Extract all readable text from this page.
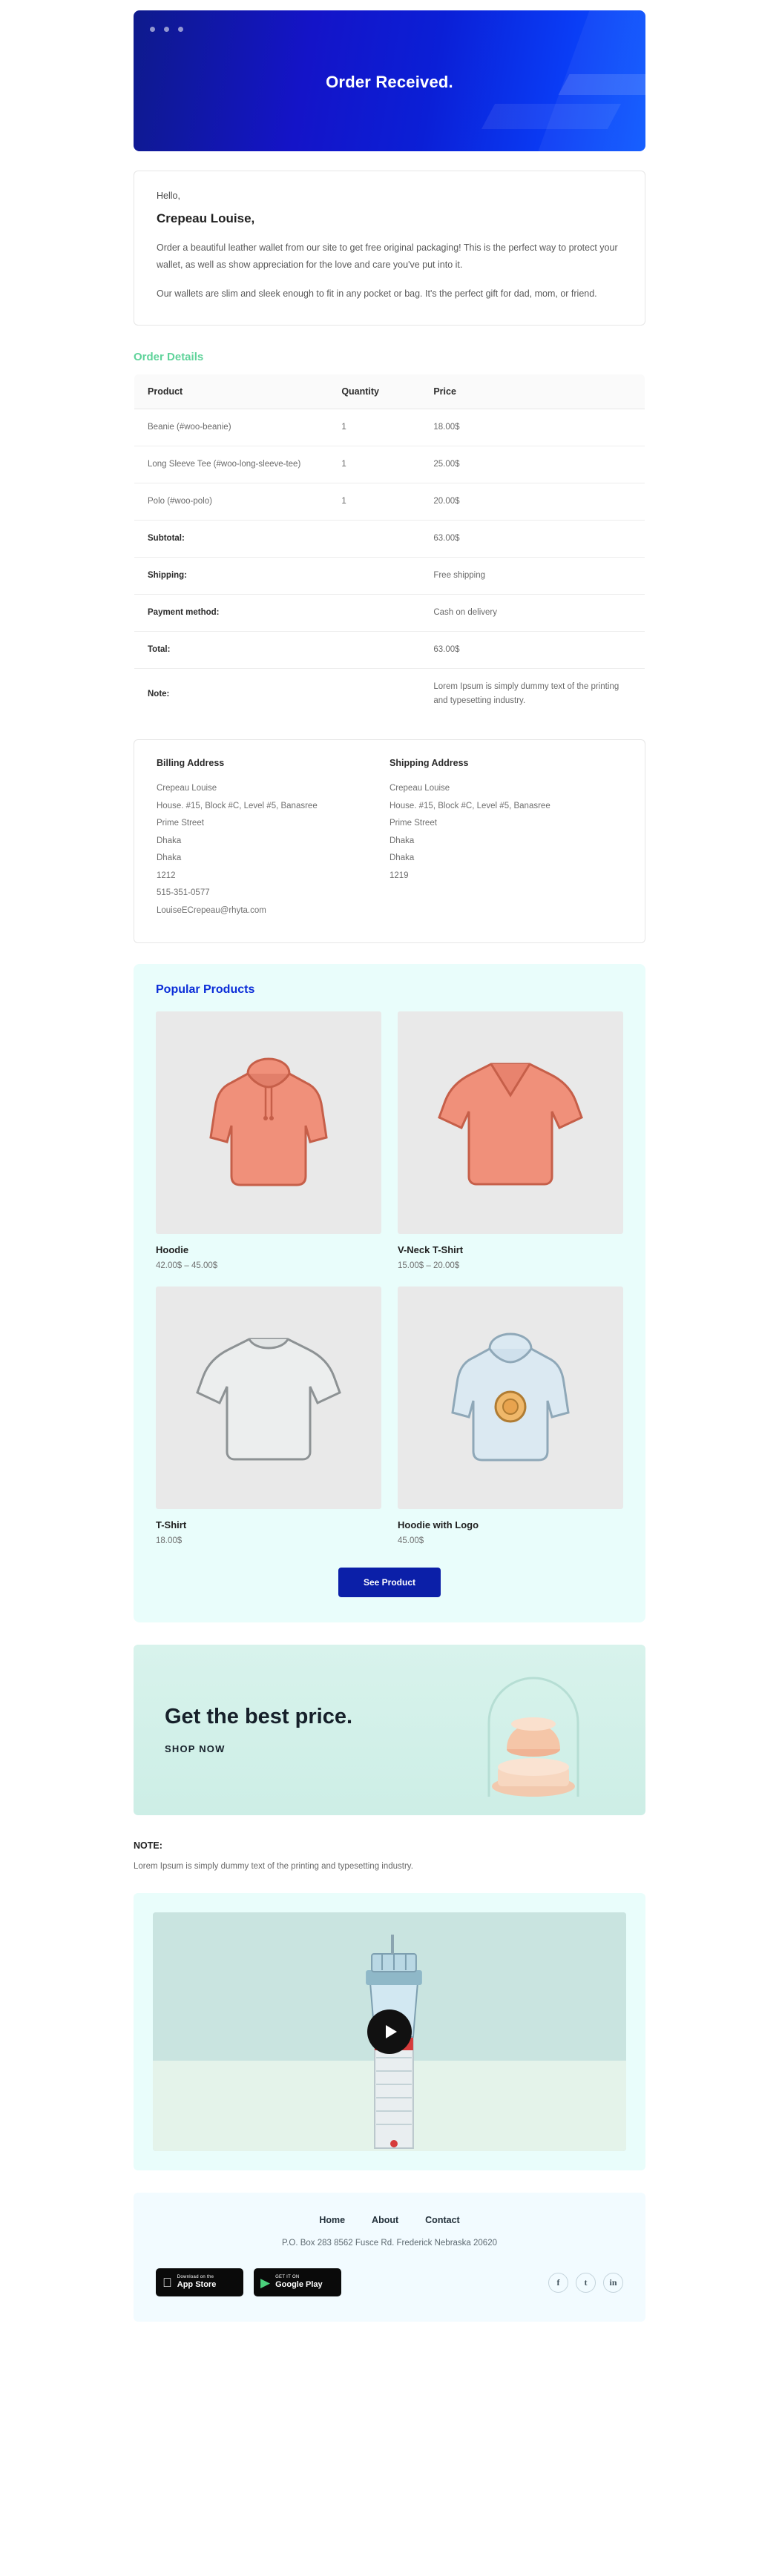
Order Received.
Hello,
Crepeau Louise,

Order a beautiful leather wallet from our site to get free original packaging! This is the perfect way to protect your wallet, as well as show appreciation for the love and care you've put into it.

Our wallets are slim and sleek enough to fit in any pocket or bag. It's the perfect gift for dad, mom, or friend.

Order Details
Product	Quantity	Price
Beanie (#woo-beanie)	1	18.00$
Long Sleeve Tee (#woo-long-sleeve-tee)	1	25.00$
Polo (#woo-polo)	1	20.00$
Subtotal:		63.00$
Shipping:		Free shipping
Payment method:		Cash on delivery
Total:		63.00$
Note:		Lorem Ipsum is simply dummy text of the printing and typesetting industry.
Billing Address
Crepeau Louise
House. #15, Block #C, Level #5, Banasree
Prime Street
Dhaka
Dhaka
1212
515-351-0577
LouiseECrepeau@rhyta.com
Shipping Address
Crepeau Louise
House. #15, Block #C, Level #5, Banasree
Prime Street
Dhaka
Dhaka
1219
Popular Products
Hoodie
42.00$ – 45.00$
V-Neck T-Shirt
15.00$ – 20.00$
T-Shirt
18.00$
Hoodie with Logo
45.00$
See Product
Get the best price.
SHOP NOW
NOTE:

Lorem Ipsum is simply dummy text of the printing and typesetting industry.

Home	About	Contact
P.O. Box 283 8562 Fusce Rd. Frederick Nebraska 20620
Download on the
App Store	▶ GET IT ON
Google Play	f	t	in
